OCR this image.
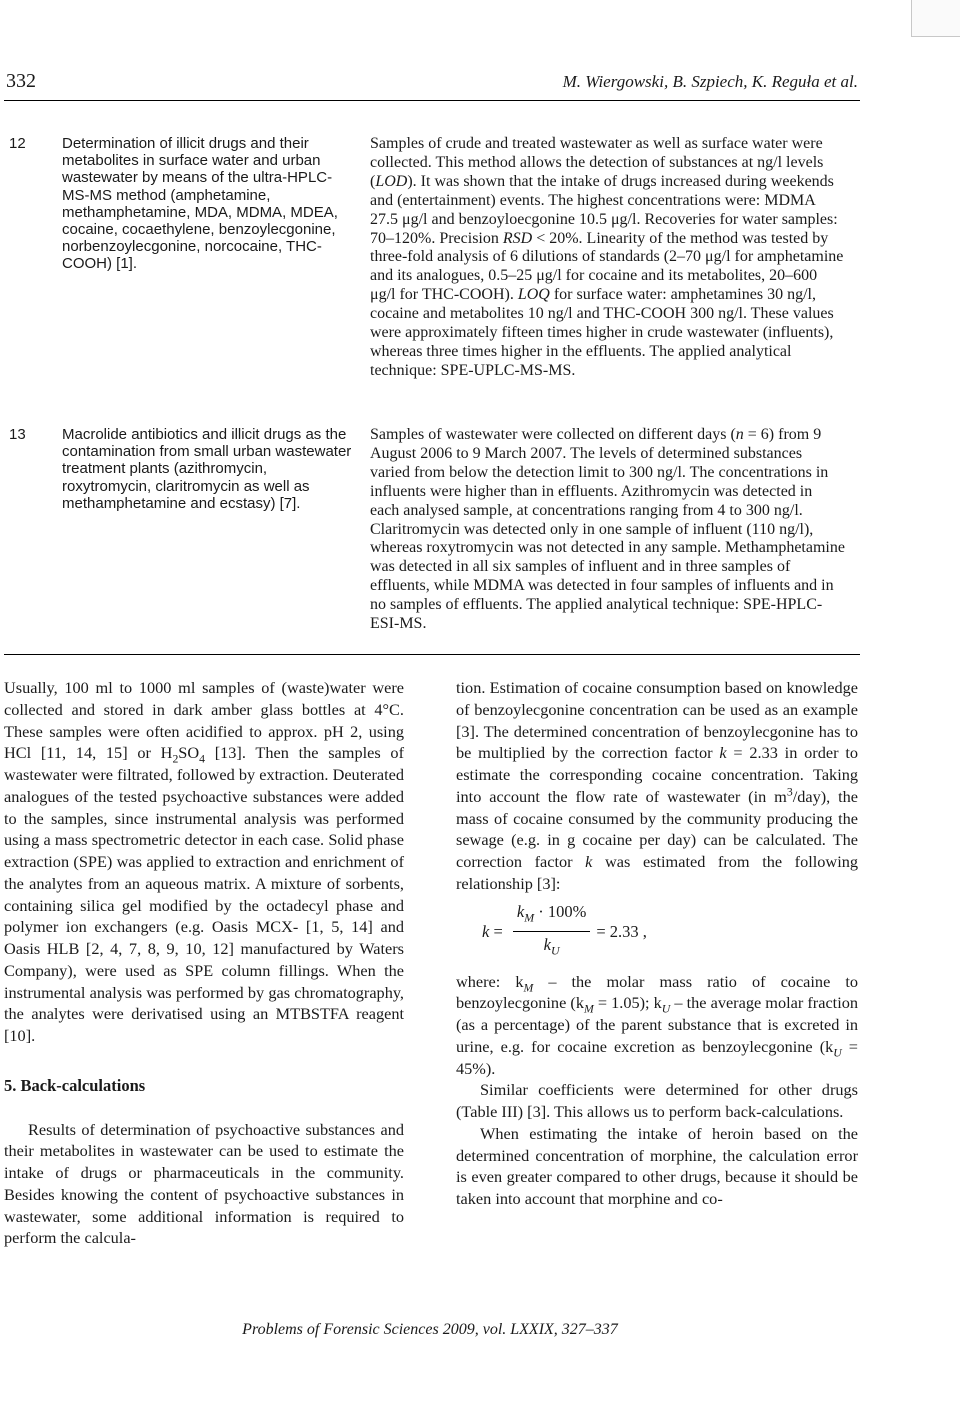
332	M. Wiergowski, B. Szpiech, K. Reguła et al.
12 Determination of illicit drugs and their metabolites in surface water and urban wastewater by means of the ultra-HPLC-MS-MS method (amphetamine, methamphetamine, MDA, MDMA, MDEA, cocaine, cocaethylene, benzoylecgonine, norbenzoylecgonine, norcocaine, THC-COOH) [1].
Samples of crude and treated wastewater as well as surface water were collected. This method allows the detection of substances at ng/l levels (LOD). It was shown that the intake of drugs increased during weekends and (entertainment) events. The highest concentrations were: MDMA 27.5 μg/l and benzoyloecgonine 10.5 μg/l. Recoveries for water samples: 70–120%. Precision RSD < 20%. Linearity of the method was tested by three-fold analysis of 6 dilutions of standards (2–70 μg/l for amphetamine and its analogues, 0.5–25 μg/l for cocaine and its metabolites, 20–600 μg/l for THC-COOH). LOQ for surface water: amphetamines 30 ng/l, cocaine and metabolites 10 ng/l and THC-COOH 300 ng/l. These values were approximately fifteen times higher in crude wastewater (influents), whereas three times higher in the effluents. The applied analytical technique: SPE-UPLC-MS-MS.
13 Macrolide antibiotics and illicit drugs as the contamination from small urban wastewater treatment plants (azithromycin, roxytromycin, claritromycin as well as methamphetamine and ecstasy) [7].
Samples of wastewater were collected on different days (n = 6) from 9 August 2006 to 9 March 2007. The levels of determined substances varied from below the detection limit to 300 ng/l. The concentrations in influents were higher than in effluents. Azithromycin was detected in each analysed sample, at concentrations ranging from 4 to 300 ng/l. Claritromycin was detected only in one sample of influent (110 ng/l), whereas roxytromycin was not detected in any sample. Methamphetamine was detected in all six samples of influent and in three samples of effluents, while MDMA was detected in four samples of influents and in no samples of effluents. The applied analytical technique: SPE-HPLC-ESI-MS.

Usually, 100 ml to 1000 ml samples of (waste)water were collected and stored in dark amber glass bottles at 4°C. These samples were often acidified to approx. pH 2, using HCl [11, 14, 15] or $H_2SO_4$ [13]. Then the samples of wastewater were filtrated, followed by extraction. Deuterated analogues of the tested psychoactive substances were added to the samples, since instrumental analysis was performed using a mass spectrometric detector in each case. Solid phase extraction (SPE) was applied to extraction and enrichment of the analytes from an aqueous matrix. A mixture of sorbents, containing silica gel modified by the octadecyl phase and polymer ion exchangers (e.g. Oasis MCX- [1, 5, 14] and Oasis HLB [2, 4, 7, 8, 9, 10, 12] manufactured by Waters Company), were used as SPE column fillings. When the instrumental analysis was performed by gas chromatography, the analytes were derivatised using an MTBSTFA reagent [10].

5. Back-calculations

Results of determination of psychoactive substances and their metabolites in wastewater can be used to estimate the intake of drugs or pharmaceuticals in the community. Besides knowing the content of psychoactive substances in wastewater, some additional information is required to perform the calcula-

tion. Estimation of cocaine consumption based on knowledge of benzoylecgonine concentration can be used as an example [3]. The determined concentration of benzoylecgonine has to be multiplied by the correction factor k = 2.33 in order to estimate the corresponding cocaine concentration. Taking into account the flow rate of wastewater (in $m^3/day$), the mass of cocaine consumed by the community producing the sewage (e.g. in g cocaine per day) can be calculated. The correction factor k was estimated from the following relationship [3]:

$k = \frac{k_M \cdot 100\%}{k_U} = 2.33$ ,

where: $k_M$ – the molar mass ratio of cocaine to benzoylecgonine $(k_M = 1.05)$; $k_U$ – the average molar fraction (as a percentage) of the parent substance that is excreted in urine, e.g. for cocaine excretion as benzoylecgonine $(k_U = 45\%)$.

Similar coefficients were determined for other drugs (Table III) [3]. This allows us to perform back-calculations.

When estimating the intake of heroin based on the determined concentration of morphine, the calculation error is even greater compared to other drugs, because it should be taken into account that morphine and co-

Problems of Forensic Sciences 2009, vol. LXXIX, 327–337
